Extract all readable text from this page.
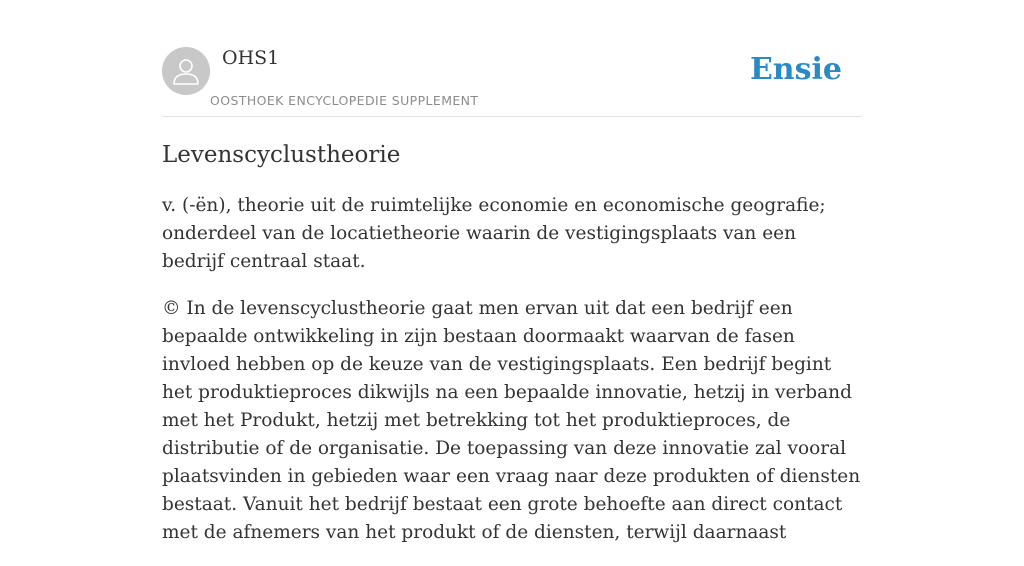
OHS1
OOSTHOEK ENCYCLOPEDIE SUPPLEMENT
Ensie
Levenscyclustheorie

v. (-ën), theorie uit de ruimtelijke economie en economische geografie; onderdeel van de locatietheorie waarin de vestigingsplaats van een bedrijf centraal staat.

© In de levenscyclustheorie gaat men ervan uit dat een bedrijf een bepaalde ontwikkeling in zijn bestaan doormaakt waarvan de fasen invloed hebben op de keuze van de vestigingsplaats. Een bedrijf begint het produktieproces dikwijls na een bepaalde innovatie, hetzij in verband met het Produkt, hetzij met betrekking tot het produktieproces, de distributie of de organisatie. De toepassing van deze innovatie zal vooral plaatsvinden in gebieden waar een vraag naar deze produkten of diensten bestaat. Vanuit het bedrijf bestaat een grote behoefte aan direct contact met de afnemers van het produkt of de diensten, terwijl daarnaast
